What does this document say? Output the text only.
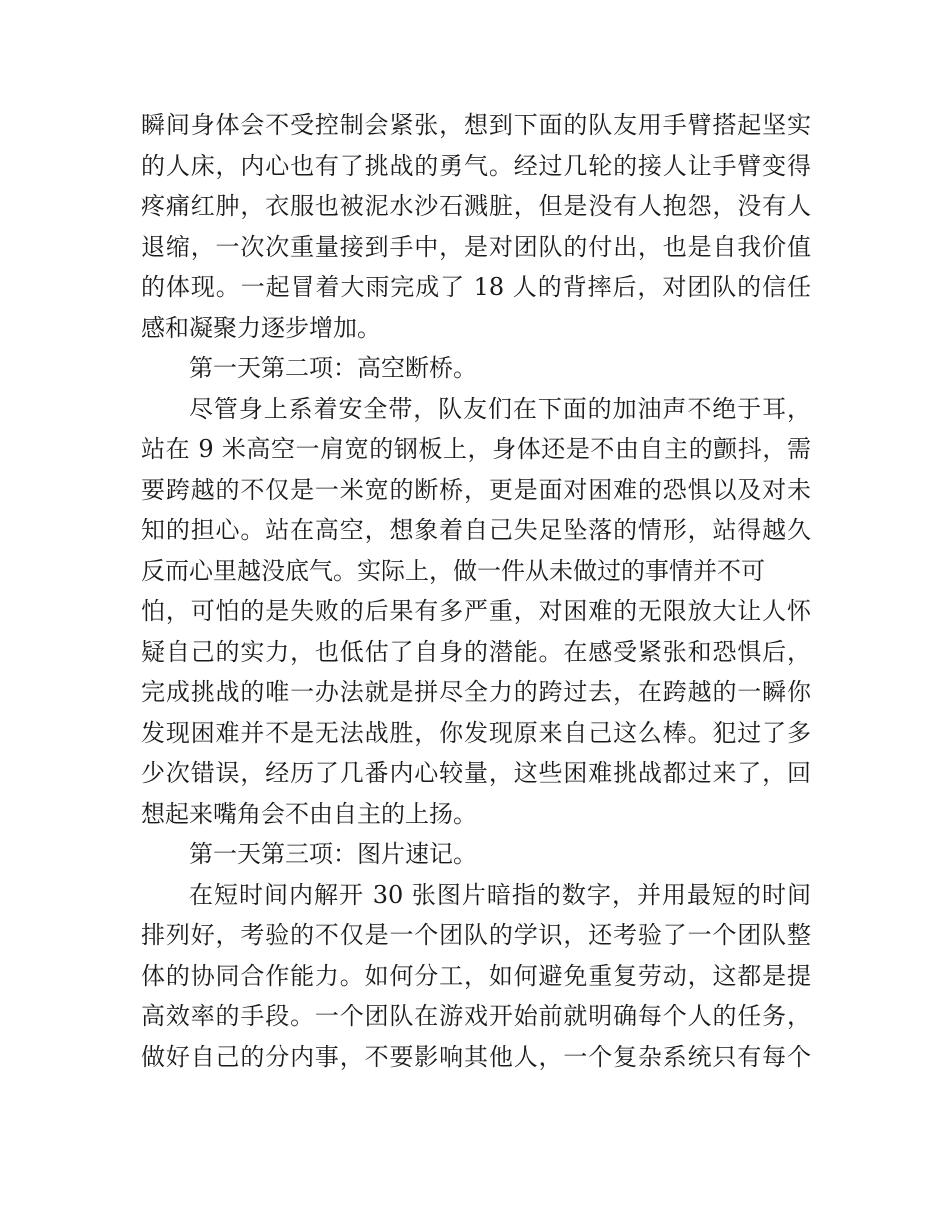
瞬间身体会不受控制会紧张，想到下面的队友用手臂搭起坚实
的人床，内心也有了挑战的勇气。经过几轮的接人让手臂变得
疼痛红肿，衣服也被泥水沙石溅脏，但是没有人抱怨，没有人
退缩，一次次重量接到手中，是对团队的付出，也是自我价值
的体现。一起冒着大雨完成了 18 人的背摔后，对团队的信任
感和凝聚力逐步增加。
第一天第二项：高空断桥。
尽管身上系着安全带，队友们在下面的加油声不绝于耳，
站在 9 米高空一肩宽的钢板上，身体还是不由自主的颤抖，需
要跨越的不仅是一米宽的断桥，更是面对困难的恐惧以及对未
知的担心。站在高空，想象着自己失足坠落的情形，站得越久
反而心里越没底气。实际上，做一件从未做过的事情并不可
怕，可怕的是失败的后果有多严重，对困难的无限放大让人怀
疑自己的实力，也低估了自身的潜能。在感受紧张和恐惧后，
完成挑战的唯一办法就是拼尽全力的跨过去，在跨越的一瞬你
发现困难并不是无法战胜，你发现原来自己这么棒。犯过了多
少次错误，经历了几番内心较量，这些困难挑战都过来了，回
想起来嘴角会不由自主的上扬。
第一天第三项：图片速记。
在短时间内解开 30 张图片暗指的数字，并用最短的时间
排列好，考验的不仅是一个团队的学识，还考验了一个团队整
体的协同合作能力。如何分工，如何避免重复劳动，这都是提
高效率的手段。一个团队在游戏开始前就明确每个人的任务，
做好自己的分内事，不要影响其他人，一个复杂系统只有每个
